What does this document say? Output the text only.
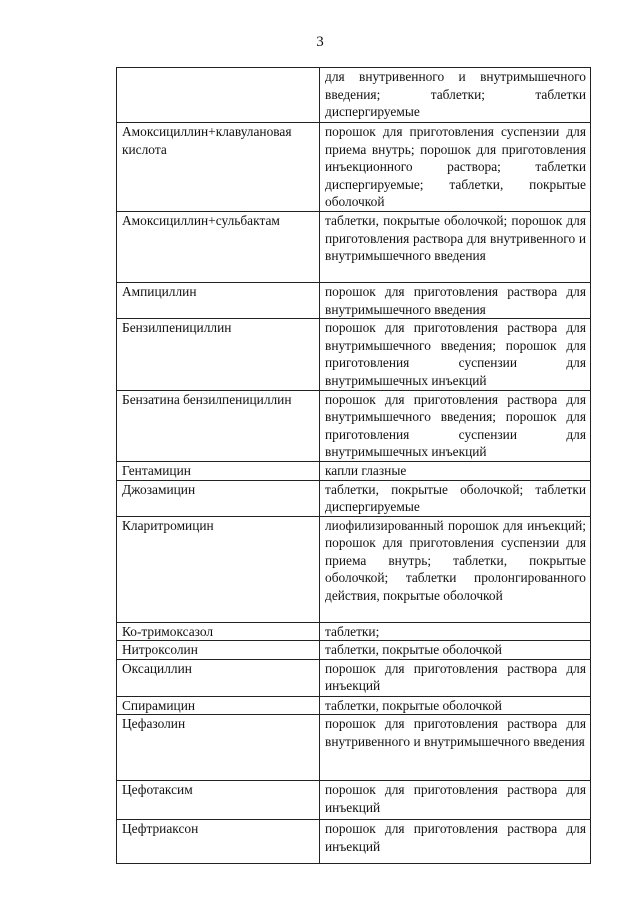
3
	для внутривенного и внутримышечного введения; таблетки; таблетки диспергируемые
Амоксициллин+клавулановая кислота	порошок для приготовления суспензии для приема внутрь; порошок для приготовления инъекционного раствора; таблетки диспергируемые; таблетки, покрытые оболочкой
Амоксициллин+сульбактам	таблетки, покрытые оболочкой; порошок для приготовления раствора для внутривенного и внутримышечного введения
Ампициллин	порошок для приготовления раствора для внутримышечного введения
Бензилпенициллин	порошок для приготовления раствора для внутримышечного введения; порошок для приготовления суспензии для внутримышечных инъекций
Бензатина бензилпенициллин	порошок для приготовления раствора для внутримышечного введения; порошок для приготовления суспензии для внутримышечных инъекций
Гентамицин	капли глазные
Джозамицин	таблетки, покрытые оболочкой; таблетки диспергируемые
Кларитромицин	лиофилизированный порошок для инъекций; порошок для приготовления суспензии для приема внутрь; таблетки, покрытые оболочкой; таблетки пролонгированного действия, покрытые оболочкой
Ко-тримоксазол	таблетки;
Нитроксолин	таблетки, покрытые оболочкой
Оксациллин	порошок для приготовления раствора для инъекций
Спирамицин	таблетки, покрытые оболочкой
Цефазолин	порошок для приготовления раствора для внутривенного и внутримышечного введения
Цефотаксим	порошок для приготовления раствора для инъекций
Цефтриаксон	порошок для приготовления раствора для инъекций
